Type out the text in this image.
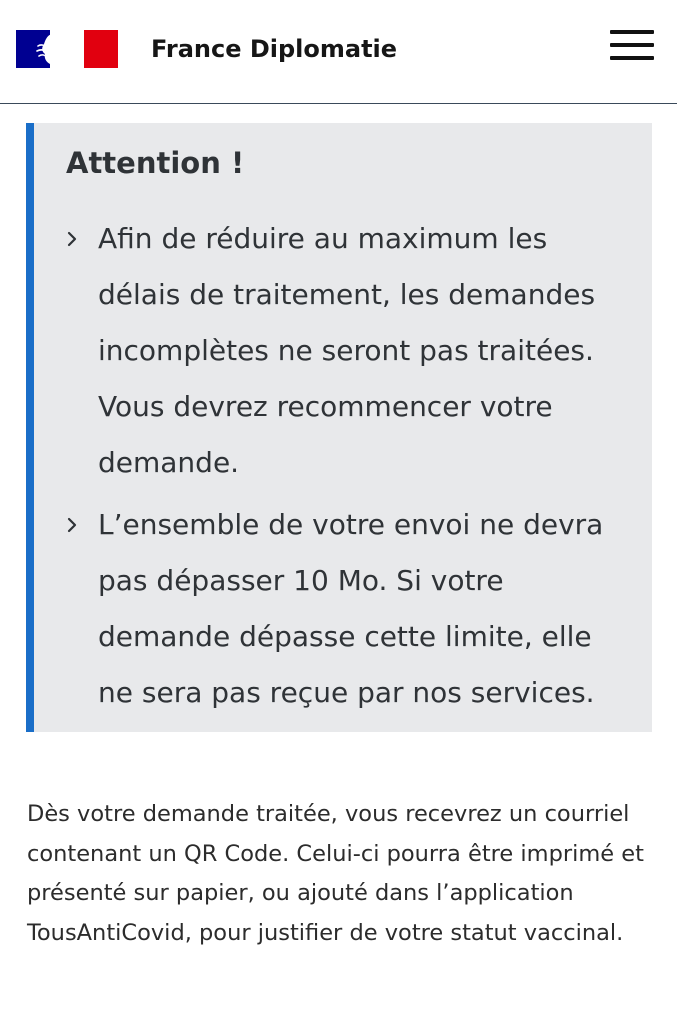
France Diplomatie
Attention !
Afin de réduire au maximum les délais de traitement, les demandes incomplètes ne seront pas traitées. Vous devrez recommencer votre demande.
L’ensemble de votre envoi ne devra pas dépasser 10 Mo. Si votre demande dépasse cette limite, elle ne sera pas reçue par nos services.
Dès votre demande traitée, vous recevrez un courriel contenant un QR Code. Celui-ci pourra être imprimé et présenté sur papier, ou ajouté dans l’application TousAntiCovid, pour justifier de votre statut vaccinal.
